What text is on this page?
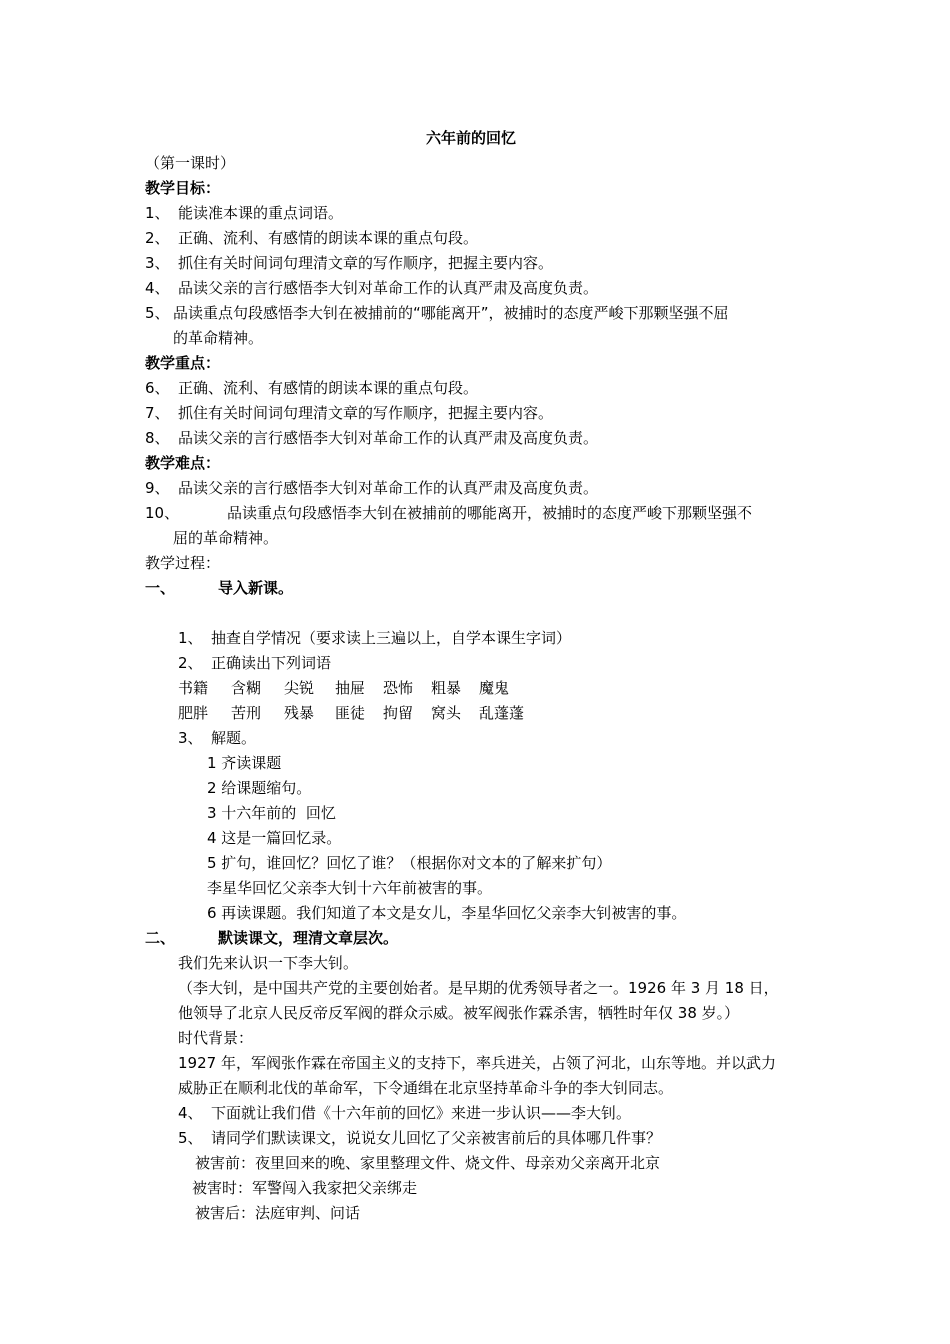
六年前的回忆
（第一课时）
教学目标：
1、 能读准本课的重点词语。
2、 正确、流利、有感情的朗读本课的重点句段。
3、 抓住有关时间词句理清文章的写作顺序，把握主要内容。
4、 品读父亲的言行感悟李大钊对革命工作的认真严肃及高度负责。
5、 品读重点句段感悟李大钊在被捕前的“哪能离开”，被捕时的态度严峻下那颗坚强不屈
的革命精神。
教学重点：
6、 正确、流利、有感情的朗读本课的重点句段。
7、 抓住有关时间词句理清文章的写作顺序，把握主要内容。
8、 品读父亲的言行感悟李大钊对革命工作的认真严肃及高度负责。
教学难点：
9、 品读父亲的言行感悟李大钊对革命工作的认真严肃及高度负责。
10、	品读重点句段感悟李大钊在被捕前的哪能离开，被捕时的态度严峻下那颗坚强不
屈的革命精神。
教学过程：
一、	导入新课。
1、 抽查自学情况（要求读上三遍以上，自学本课生字词）
2、 正确读出下列词语
书籍 含糊 尖锐 抽屉 恐怖 粗暴 魔鬼
肥胖 苦刑 残暴 匪徒 拘留 窝头 乱蓬蓬
3、 解题。
1 齐读课题
2 给课题缩句。
3 十六年前的  回忆
4 这是一篇回忆录。
5 扩句，谁回忆？回忆了谁？（根据你对文本的了解来扩句）
李星华回忆父亲李大钊十六年前被害的事。
6 再读课题。我们知道了本文是女儿，李星华回忆父亲李大钊被害的事。
二、	默读课文，理清文章层次。
我们先来认识一下李大钊。
（李大钊，是中国共产党的主要创始者。是早期的优秀领导者之一。1926 年 3 月 18 日，
他领导了北京人民反帝反军阀的群众示威。被军阀张作霖杀害，牺牲时年仅 38 岁。）
时代背景：
1927 年，军阀张作霖在帝国主义的支持下，率兵进关，占领了河北，山东等地。并以武力
威胁正在顺利北伐的革命军，下令通缉在北京坚持革命斗争的李大钊同志。
4、 下面就让我们借《十六年前的回忆》来进一步认识——李大钊。
5、 请同学们默读课文，说说女儿回忆了父亲被害前后的具体哪几件事？
被害前：夜里回来的晚、家里整理文件、烧文件、母亲劝父亲离开北京
被害时：军警闯入我家把父亲绑走
被害后：法庭审判、问话
